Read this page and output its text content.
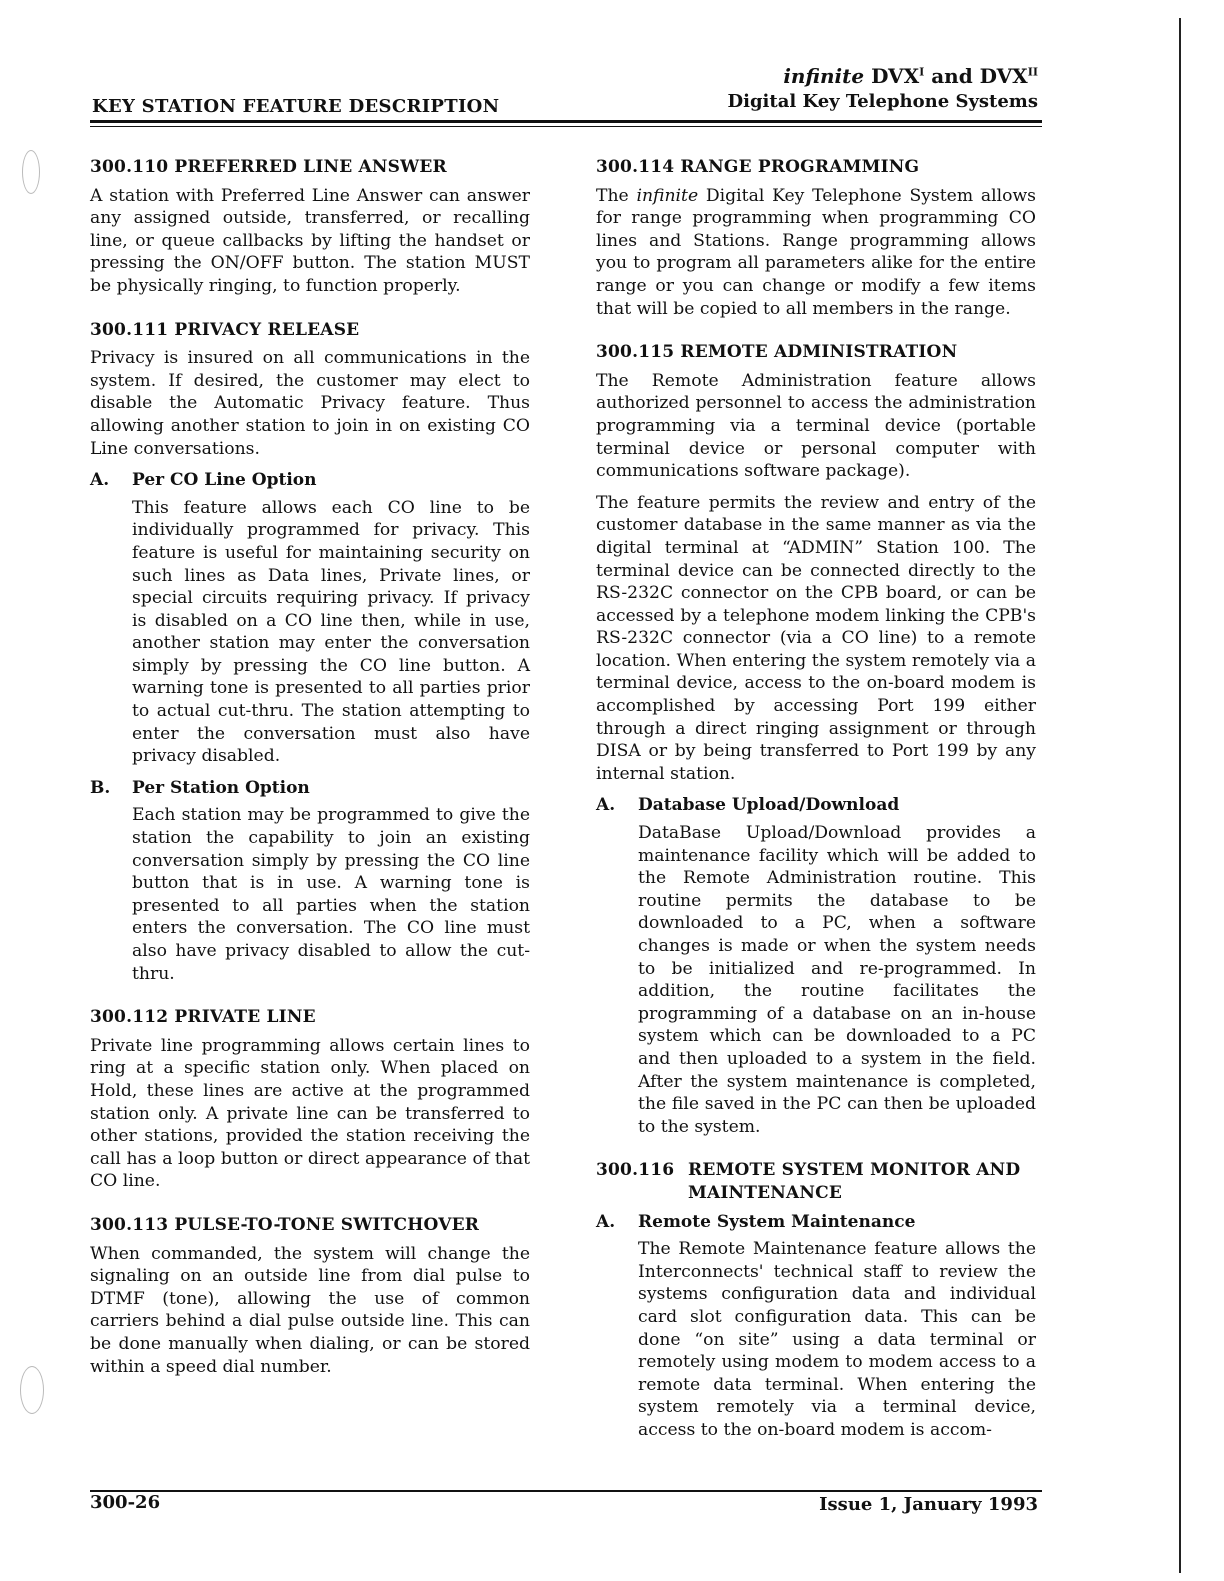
infinite $DVX^I$ and $DVX^{II}$
Digital Key Telephone Systems
KEY STATION FEATURE DESCRIPTION
300.110 PREFERRED LINE ANSWER
A station with Preferred Line Answer can answer any assigned outside, transferred, or recalling line, or queue callbacks by lifting the handset or pressing the ON/OFF button. The station MUST be physically ringing, to function properly.
300.111 PRIVACY RELEASE
Privacy is insured on all communications in the system. If desired, the customer may elect to disable the Automatic Privacy feature. Thus allowing another station to join in on existing CO Line conversations.
A.	Per CO Line Option
This feature allows each CO line to be individually programmed for privacy. This feature is useful for maintaining security on such lines as Data lines, Private lines, or special circuits requiring privacy. If privacy is disabled on a CO line then, while in use, another station may enter the conversation simply by pressing the CO line button. A warning tone is presented to all parties prior to actual cut-thru. The station attempting to enter the conversation must also have privacy disabled.
B.	Per Station Option
Each station may be programmed to give the station the capability to join an existing conversation simply by pressing the CO line button that is in use. A warning tone is presented to all parties when the station enters the conversation. The CO line must also have privacy disabled to allow the cut-thru.
300.112 PRIVATE LINE
Private line programming allows certain lines to ring at a specific station only. When placed on Hold, these lines are active at the programmed station only. A private line can be transferred to other stations, provided the station receiving the call has a loop button or direct appearance of that CO line.
300.113 PULSE-TO-TONE SWITCHOVER
When commanded, the system will change the signaling on an outside line from dial pulse to DTMF (tone), allowing the use of common carriers behind a dial pulse outside line. This can be done manually when dialing, or can be stored within a speed dial number.
300.114 RANGE PROGRAMMING
The infinite Digital Key Telephone System allows for range programming when programming CO lines and Stations. Range programming allows you to program all parameters alike for the entire range or you can change or modify a few items that will be copied to all members in the range.
300.115 REMOTE ADMINISTRATION
The Remote Administration feature allows authorized personnel to access the administration programming via a terminal device (portable terminal device or personal computer with communications software package).
The feature permits the review and entry of the customer database in the same manner as via the digital terminal at “ADMIN” Station 100. The terminal device can be connected directly to the RS-232C connector on the CPB board, or can be accessed by a telephone modem linking the CPB's RS-232C connector (via a CO line) to a remote location. When entering the system remotely via a terminal device, access to the on-board modem is accomplished by accessing Port 199 either through a direct ringing assignment or through DISA or by being transferred to Port 199 by any internal station.
A.	Database Upload/Download
DataBase Upload/Download provides a maintenance facility which will be added to the Remote Administration routine. This routine permits the database to be downloaded to a PC, when a software changes is made or when the system needs to be initialized and re-programmed. In addition, the routine facilitates the programming of a database on an in-house system which can be downloaded to a PC and then uploaded to a system in the field. After the system maintenance is completed, the file saved in the PC can then be uploaded to the system.
300.116 REMOTE SYSTEM MONITOR AND MAINTENANCE
A.	Remote System Maintenance
The Remote Maintenance feature allows the Interconnects' technical staff to review the systems configuration data and individual card slot configuration data. This can be done “on site” using a data terminal or remotely using modem to modem access to a remote data terminal. When entering the system remotely via a terminal device, access to the on-board modem is accom-
300-26	Issue 1, January 1993
